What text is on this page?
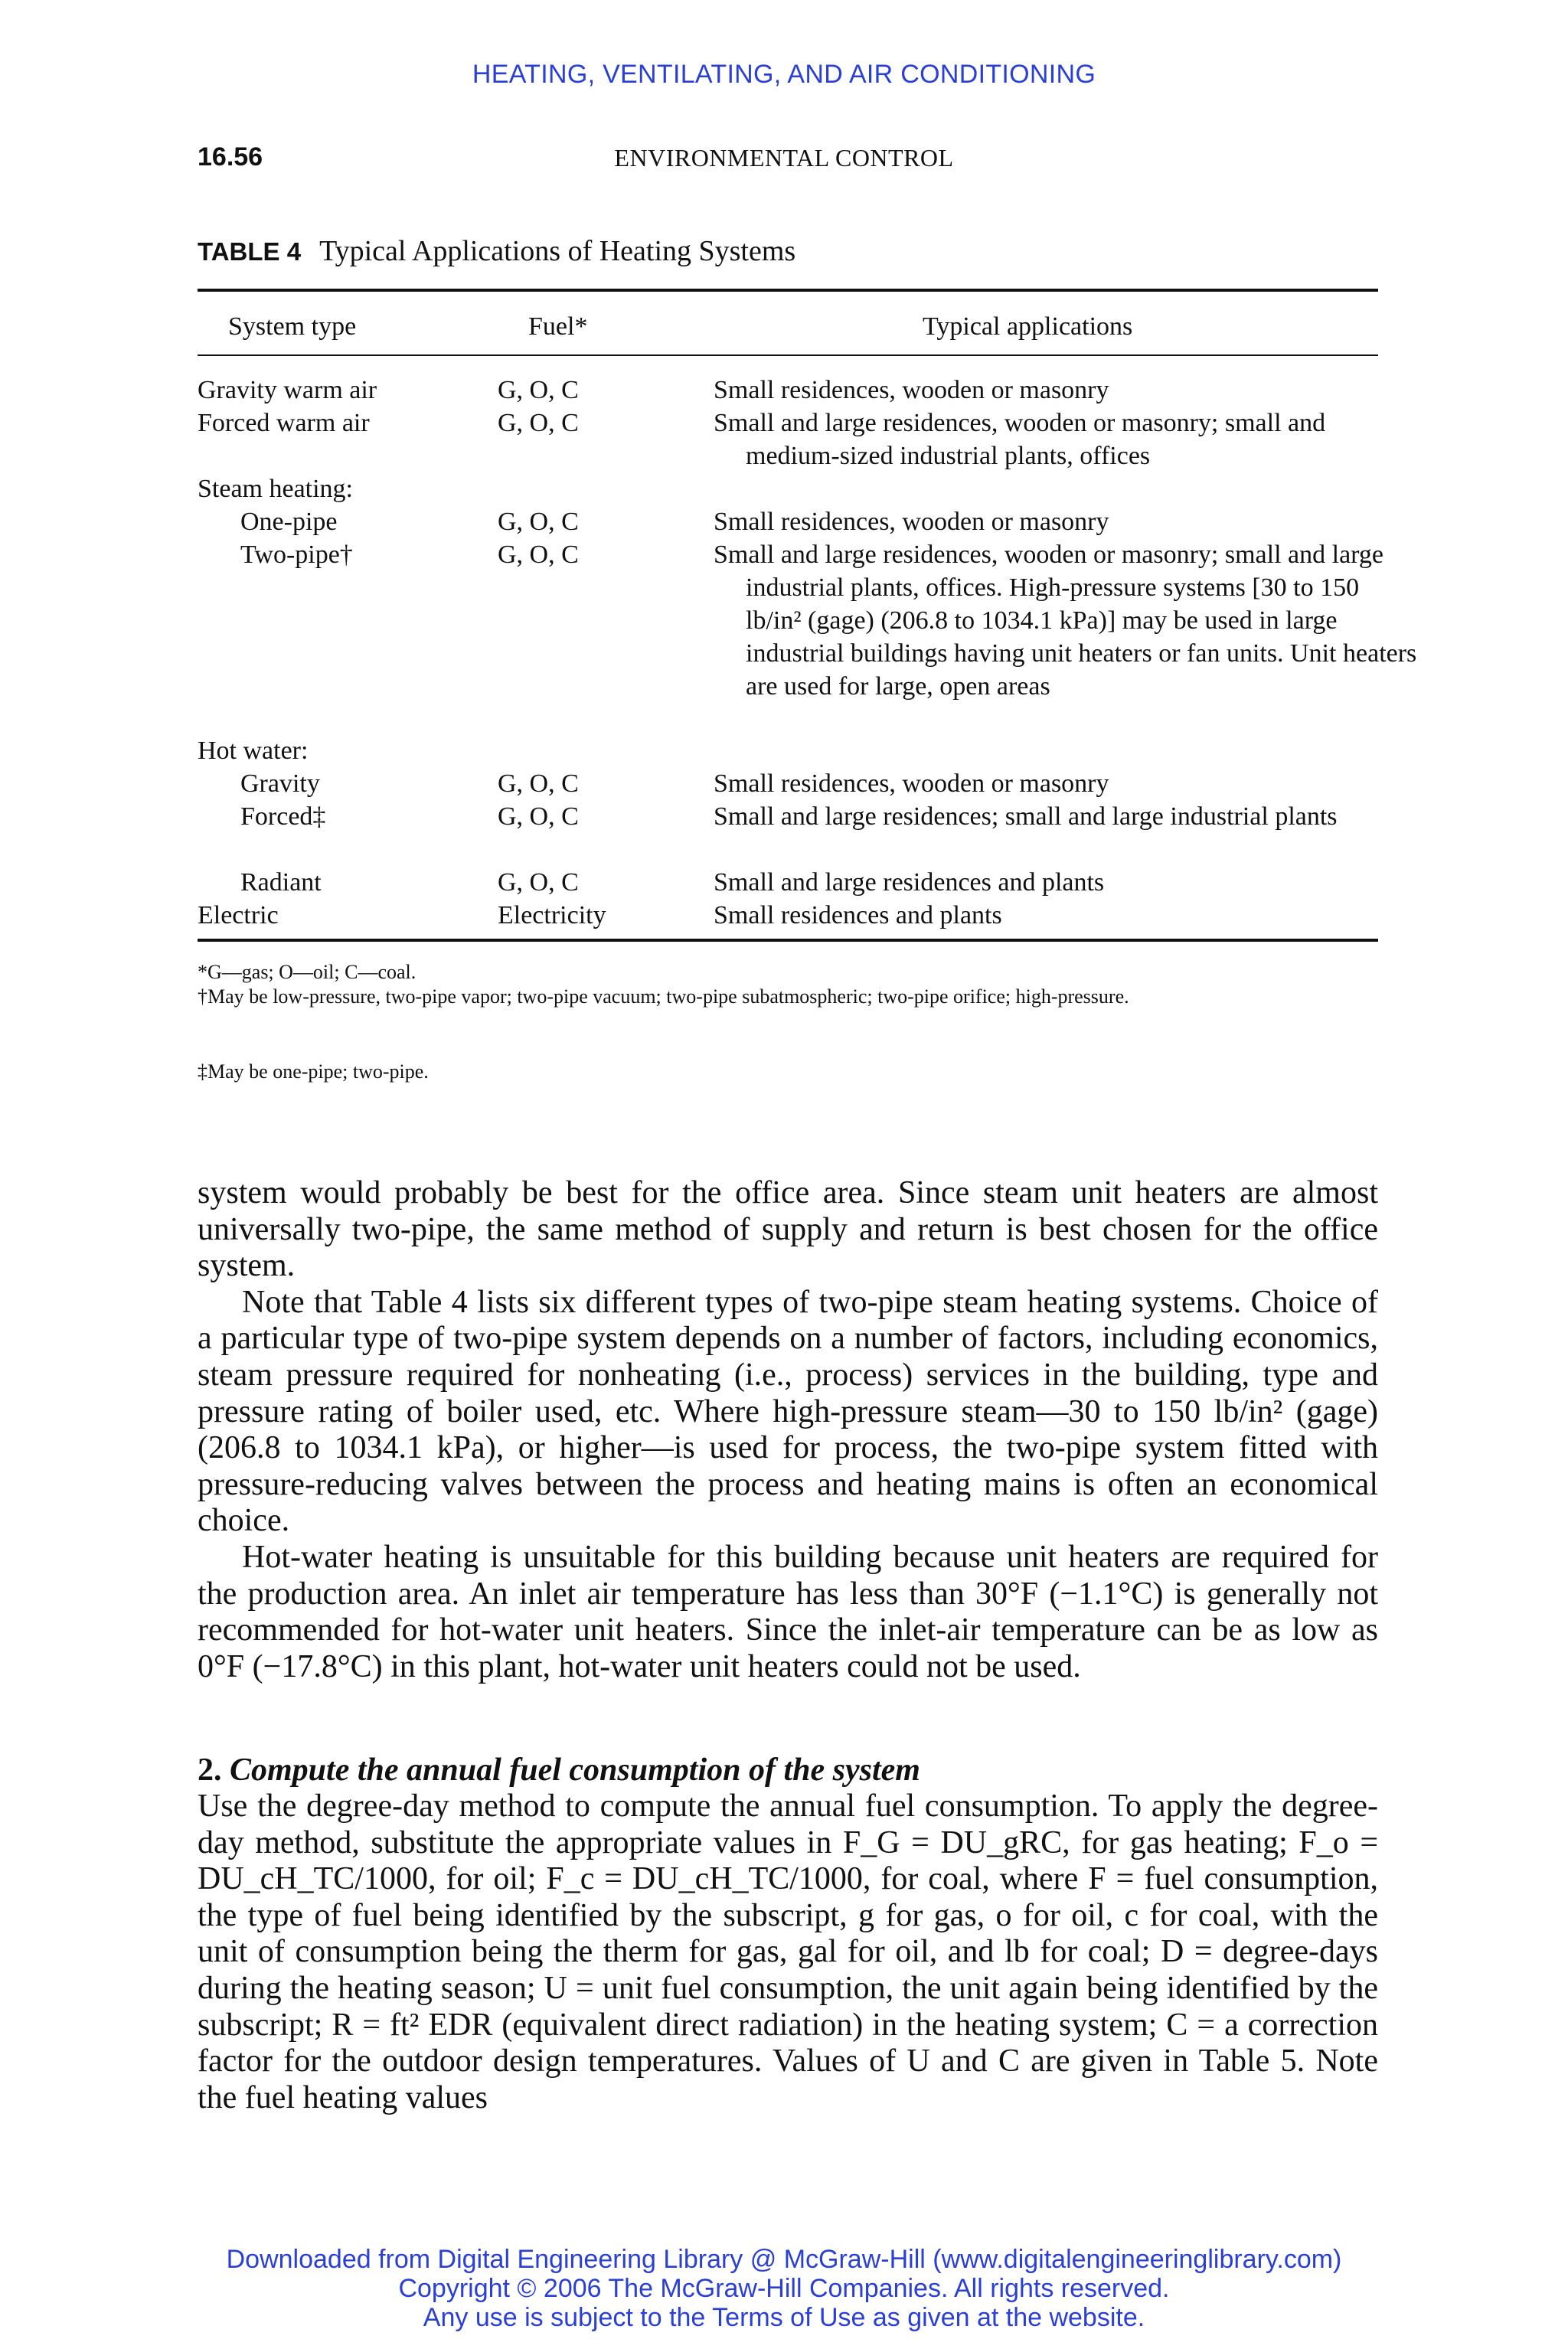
HEATING, VENTILATING, AND AIR CONDITIONING
16.56	ENVIRONMENTAL CONTROL
TABLE 4 Typical Applications of Heating Systems
System type	Fuel*	Typical applications
Gravity warm air	G, O, C	Small residences, wooden or masonry
Forced warm air	G, O, C	Small and large residences, wooden or masonry; small and medium-sized industrial plants, offices
Steam heating:
One-pipe	G, O, C	Small residences, wooden or masonry
Two-pipe†	G, O, C	Small and large residences, wooden or masonry; small and large industrial plants, offices. High-pressure systems [30 to 150 lb/in² (gage) (206.8 to 1034.1 kPa)] may be used in large industrial buildings having unit heaters or fan units. Unit heaters are used for large, open areas
Hot water:
Gravity	G, O, C	Small residences, wooden or masonry
Forced‡	G, O, C	Small and large residences; small and large industrial plants
Radiant	G, O, C	Small and large residences and plants
Electric	Electricity	Small residences and plants
*G—gas; O—oil; C—coal.
†May be low-pressure, two-pipe vapor; two-pipe vacuum; two-pipe subatmospheric; two-pipe orifice; high-pressure.
‡May be one-pipe; two-pipe.

system would probably be best for the office area. Since steam unit heaters are almost universally two-pipe, the same method of supply and return is best chosen for the office system.

Note that Table 4 lists six different types of two-pipe steam heating systems. Choice of a particular type of two-pipe system depends on a number of factors, including economics, steam pressure required for nonheating (i.e., process) services in the building, type and pressure rating of boiler used, etc. Where high-pressure steam—30 to 150 lb/in² (gage) (206.8 to 1034.1 kPa), or higher—is used for process, the two-pipe system fitted with pressure-reducing valves between the process and heating mains is often an economical choice.

Hot-water heating is unsuitable for this building because unit heaters are required for the production area. An inlet air temperature has less than 30°F (−1.1°C) is generally not recommended for hot-water unit heaters. Since the inlet-air temperature can be as low as 0°F (−17.8°C) in this plant, hot-water unit heaters could not be used.

2. Compute the annual fuel consumption of the system

Use the degree-day method to compute the annual fuel consumption. To apply the degree-day method, substitute the appropriate values in F_G = DU_gRC, for gas heating; F_o = DU_cH_TC/1000, for oil; F_c = DU_cH_TC/1000, for coal, where F = fuel consumption, the type of fuel being identified by the subscript, g for gas, o for oil, c for coal, with the unit of consumption being the therm for gas, gal for oil, and lb for coal; D = degree-days during the heating season; U = unit fuel consumption, the unit again being identified by the subscript; R = ft² EDR (equivalent direct radiation) in the heating system; C = a correction factor for the outdoor design temperatures. Values of U and C are given in Table 5. Note the fuel heating values

Downloaded from Digital Engineering Library @ McGraw-Hill (www.digitalengineeringlibrary.com)
Copyright © 2006 The McGraw-Hill Companies. All rights reserved.
Any use is subject to the Terms of Use as given at the website.
